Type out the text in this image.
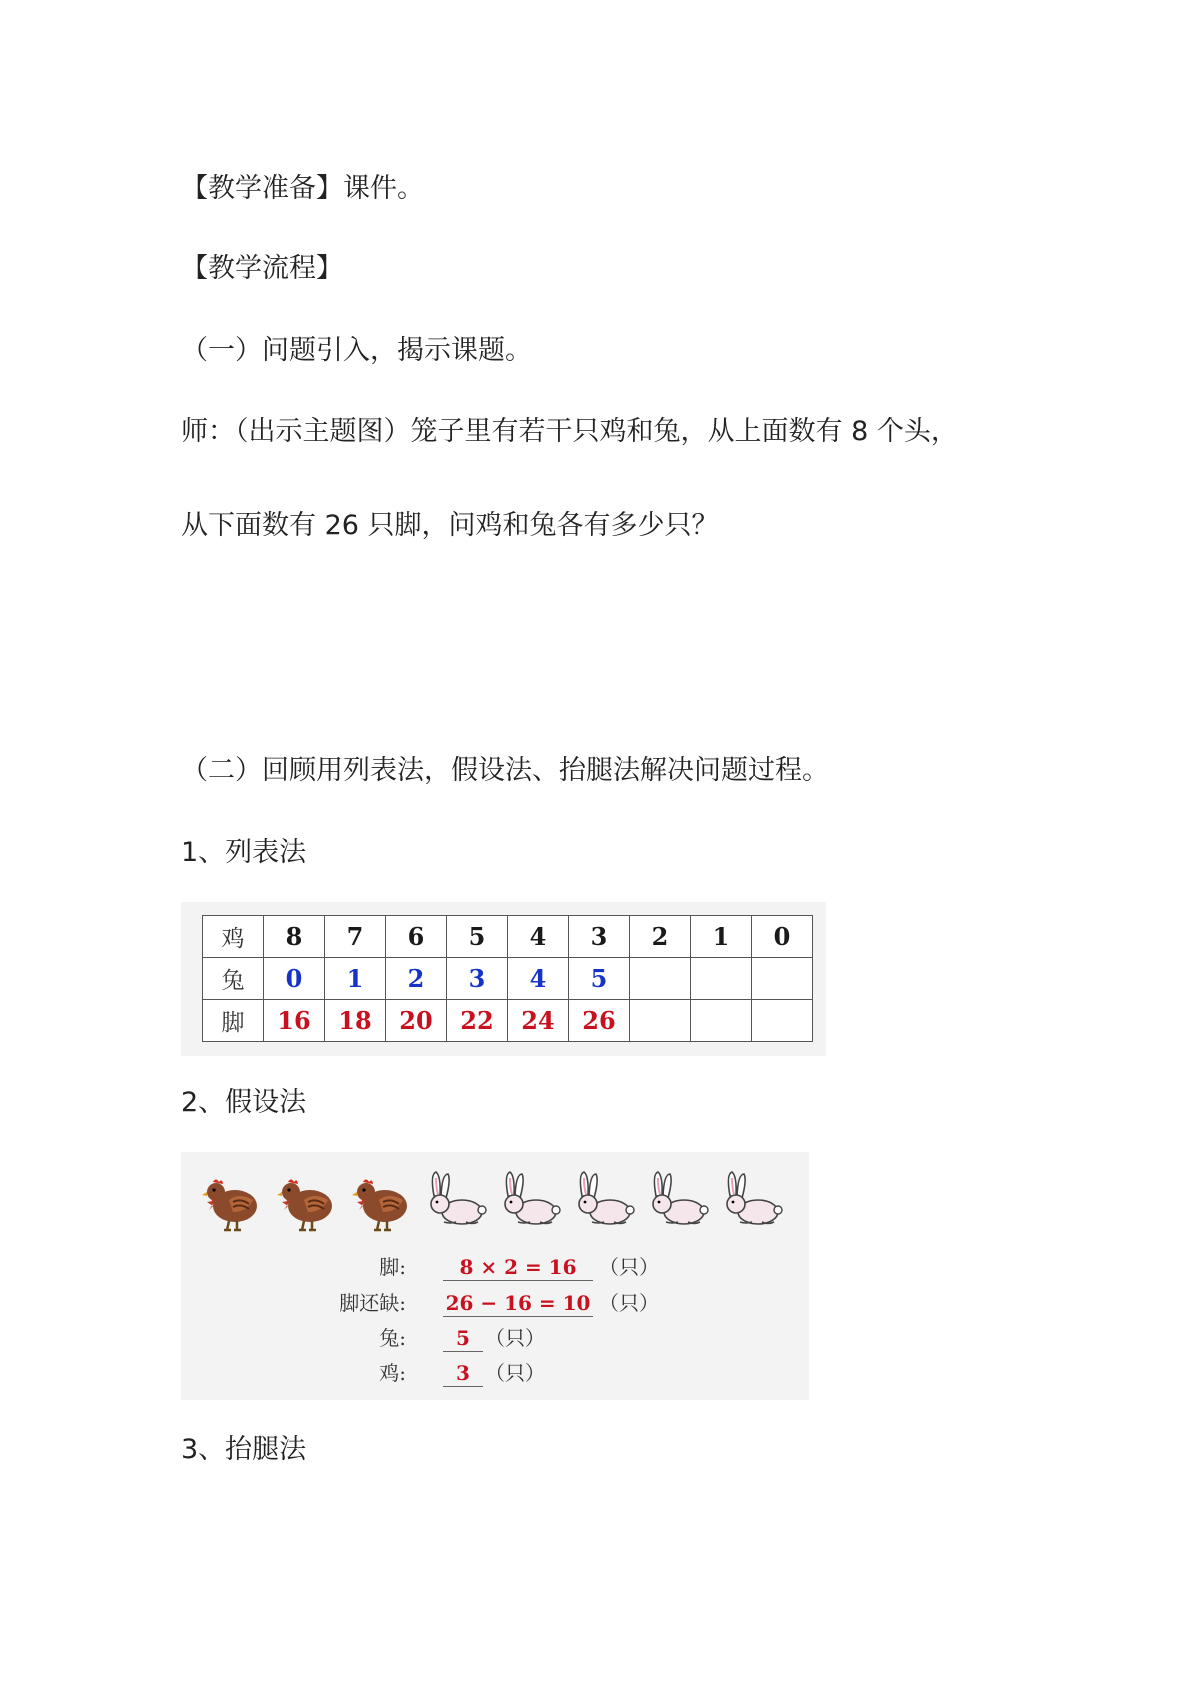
【教学准备】课件。
【教学流程】
（一）问题引入，揭示课题。
师：（出示主题图）笼子里有若干只鸡和兔，从上面数有 8 个头，
从下面数有 26 只脚，问鸡和兔各有多少只？
（二）回顾用列表法，假设法、抬腿法解决问题过程。
1、列表法
鸡	8	7	6	5	4	3	2	1	0
兔	0	1	2	3	4	5			
脚	16	18	20	22	24	26			
2、假设法
脚:	8 × 2 = 16	（只）
脚还缺: 26 − 16 = 10 （只）
兔:	5 （只）
鸡:	3 （只）
3、抬腿法
